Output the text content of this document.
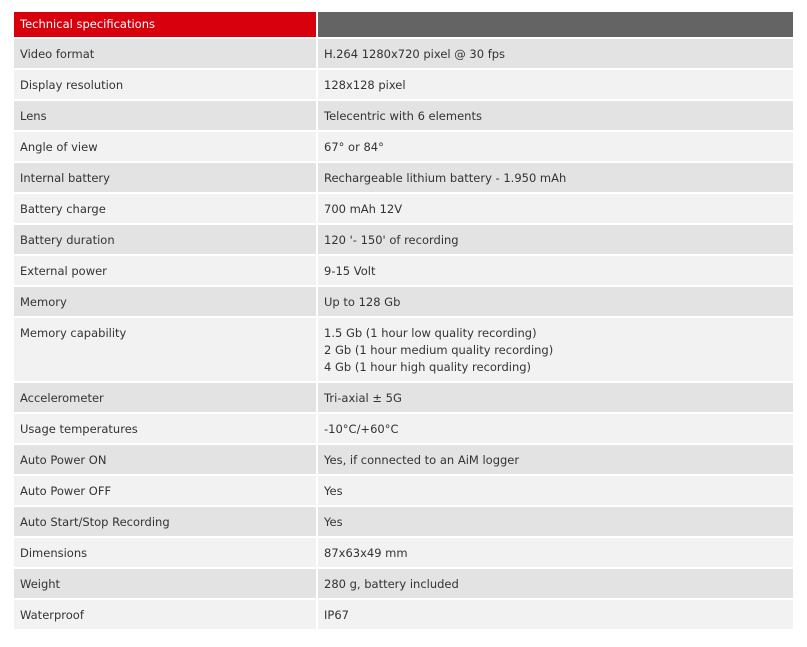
Technical specifications	
Video format	H.264 1280x720 pixel @ 30 fps

Display resolution	128x128 pixel

Lens	Telecentric with 6 elements

Angle of view	67° or 84°

Internal battery	Rechargeable lithium battery - 1.950 mAh

Battery charge	700 mAh 12V

Battery duration	120 '- 150' of recording

External power	9-15 Volt

Memory	Up to 128 Gb

Memory capability	1.5 Gb (1 hour low quality recording)
2 Gb (1 hour medium quality recording)
4 Gb (1 hour high quality recording)

Accelerometer	Tri-axial ± 5G

Usage temperatures	-10°C/+60°C

Auto Power ON	Yes, if connected to an AiM logger

Auto Power OFF	Yes

Auto Start/Stop Recording	Yes

Dimensions	87x63x49 mm

Weight	280 g, battery included

Waterproof	IP67
